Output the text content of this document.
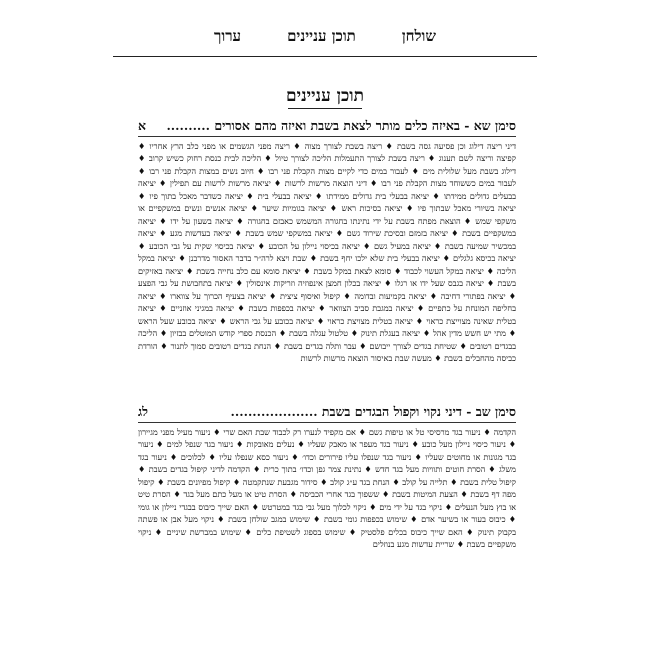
שולחן
תוכן עניינים
ערוך
תוכן עניינים
סימן שא - באיזה כלים מותר לצאת בשבת ואיזה מהם אסורים ..........
א
דיני ריצה דילוג וכן פסיעה גסה בשבת ♦ ריצה בשבת לצורך מצוה ♦ ריצה מפני הגשמים או מפני כלב הרץ אחריו ♦ קפיצה וריצה לשם תענוג ♦ ריצה בשבת לצורך התעמלות הליכה לצורך טיול ♦ הליכה לבית כנסת רחוק כשיש קרוב ♦ דילוג בשבת מעל שלולית מים ♦ לעבור במים כדי לקיים מצות הקבלת פני רבו ♦ חיוב נשים במצות הקבלת פני רבו ♦ לעבור במים כששוחד מצות הקבלת פני רבו ♦ דיני הוצאה מרשות לרשות ♦ יציאה מרשות לרשות עם תפילין ♦ יציאה בבעלים גדולים ממידתו ♦ יציאה בבעלי בית גדולים ממידתו ♦ יציאה בבעלי בית ♦ יציאה כשדבר מאכל בתוך פיו ♦ יציאה בשיורי מאכל שבתוך פיו ♦ יציאה בסיכות ראש ♦ יציאה בגומיות שיער ♦ יציאה אנשים ונשים במשקפיים או משקפי שמש ♦ הוצאת מפתח בשבת על ידי נתינתו בחגורה המשמש כאבזם בחגורה ♦ יציאה בשעון על ידו ♦ יציאה במשקפיים בשבת ♦ יציאה בזמזם ובסיכת שירוד גשם ♦ יציאה במשקפי שמש בשבת ♦ יציאה בעדשות מגע ♦ יציאה במכשיר שמיעה בשבת ♦ יציאה במעיל גשם ♦ יציאה בכיסוי ניילון על הכובע ♦ יציאה בכיסוי שקית על גבי הכובע ♦ יציאה בכיסא גלגלים ♦ יציאה בבעלי בית שלא ילכו יחף בשבת ♦ שבת ויצא לרה״ר בדבר האסור מדרבנן ♦ יציאה במקל הליכה ♦ יציאה במקל העשוי לכבוד ♦ סומא לצאת במקל בשבת ♦ יציאת סומא עם כלב נחייה בשבת ♦ יציאה באזיקים בשבת ♦ יציאה בגבס שעל ידו או רגלו ♦ יציאה בכלון חמצן אינפוזיה וזריקות אינסולין ♦ יציאה בתחבושת על גבי הפצע ♦ יציאה בפתורי דחיבה ♦ יציאה בקמיעות ובדומה ♦ קיפול ואיסוף ציצית ♦ יציאה בצעיף הכרוך על צווארו ♦ יציאה בחליפה המונחת על כתפיים ♦ יציאה במגבת סביב הצוואר ♦ יציאה בכפפות בשבת ♦ יציאה במגיני אוזניים ♦ יציאה בטלית שאינה מצוייצת כראוי ♦ יציאה בטלית מצויצת כראוי ♦ יציאה בכובע על גבי הראש ♦ יציאה בכובע שעל הראש ♦ מתי יש חשש מדין אהל ♦ יציאה בעגלת תינוק ♦ טלטול עגלה בשבת ♦ הכנסת ספרי קודש המוטלים בבזיון ♦ הליכה בבגדים רטובים ♦ שטיחת בגדים לצורך ייבושם ♦ עבר ותלה בגדים בשבת ♦ הנחת בגדים רטובים סמוך לתנור ♦ הורדת כביסה מהחבלים בשבת ♦ מעשה שבת באיסור הוצאה מרשות לרשות
סימן שב - דיני נקוי וקפול הבגדים בשבת ....................
לג
הקדמה ♦ ניעור בגד מרסיסי טל או טיפות גשם ♦ אם מקפיד לנערו רק לכבוד שבת האם שרי ♦ ניעור מעיל מפני מגיירון ♦ ניעור כיסוי ניילון מעל כובע ♦ ניעור בגד מעפר או מאבק שעליו ♦ נעלים מאובקות ♦ ניעור בגד שנפל למים ♦ ניעור בגד מגונות או מחוטים שעליו ♦ ניעור בגד שנפלו עליו פירורים וכדו׳ ♦ ניעור כסא שנפלו עליו ♦ לכלוכים ♦ ניעור בגד משלג ♦ הסרת חוטים ותוויות מעל בגד חדש ♦ נתינת צמר גפן וכדו׳ בתוך כרית ♦ הקדמה לדיני קיפול בגדים בשבת ♦ קיפול טלית בשבת ♦ תלייה על קולב ♦ הנחת בגד ע״ג קולב ♦ סידור מגבעת שנתקמטה ♦ קיפול מפיונים בשבת ♦ קיפול מפה דף בשבת ♦ הצעת המיטות בשבת ♦ ששפוך בגד אחרי הכביסה ♦ הסרת טיט או מעל כתם מעל בגד ♦ הסרת טיט או בוץ מעל הנעלים ♦ ניקוי בגד על ידי מים ♦ ניקוי לכלוך מעל גבי בגד במטרטש ♦ האם שייך כיבוס בבגדי ניילון או גומי ♦ כיבוס בעור או בשיער אדם ♦ שימוש בכפפות גומי בשבת ♦ שימוש במגב שולחן בשבת ♦ ניקוי מעל אבן או פשתה בקבוק תינוק ♦ האם שייך כיבוס בכלים פלסטיק ♦ שימוש בספוג לשטיפת כלים ♦ שימוש במברשת שיניים ♦ ניקוי משקפיים בשבת ♦ שריית עדשות מגע בנוזלים
